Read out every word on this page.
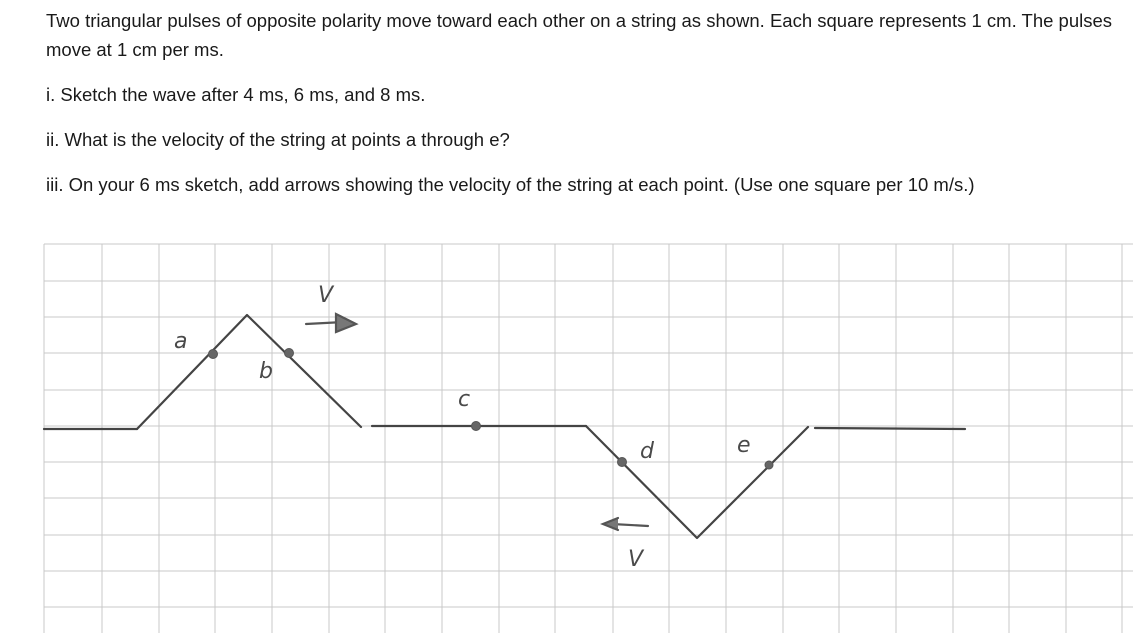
Two triangular pulses of opposite polarity move toward each other on a string as shown. Each square represents 1 cm. The pulses move at 1 cm per ms.

i. Sketch the wave after 4 ms, 6 ms, and 8 ms.

ii. What is the velocity of the string at points a through e?

iii. On your 6 ms sketch, add arrows showing the velocity of the string at each point. (Use one square per 10 m/s.)

a
b
c
d	e
V
V
